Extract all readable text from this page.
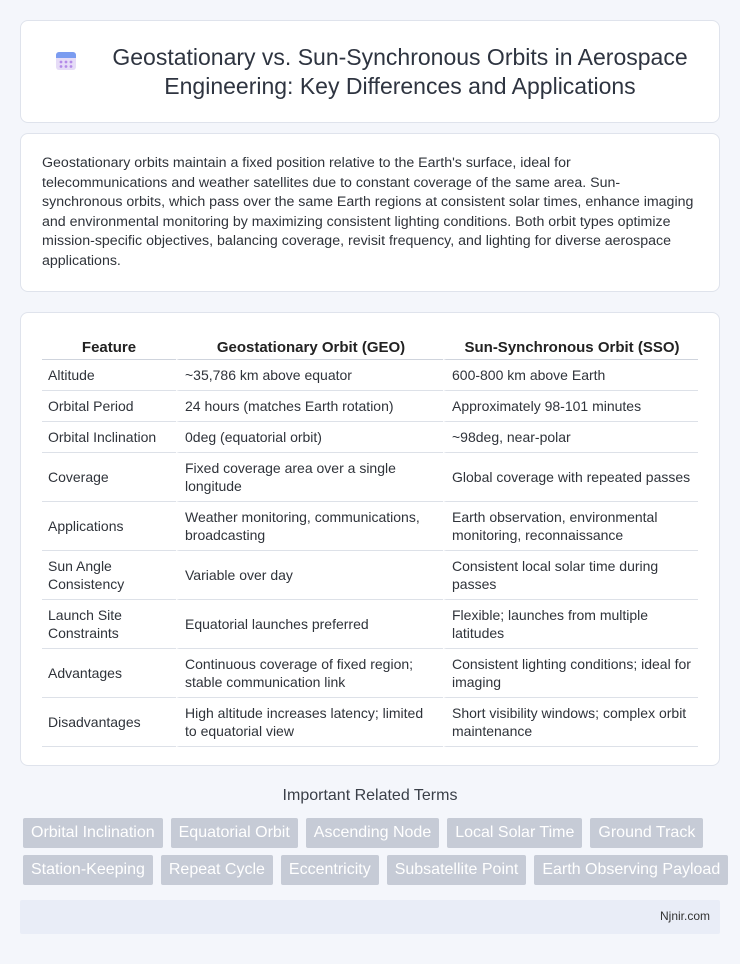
Geostationary vs. Sun-Synchronous Orbits in Aerospace Engineering: Key Differences and Applications

Geostationary orbits maintain a fixed position relative to the Earth's surface, ideal for telecommunications and weather satellites due to constant coverage of the same area. Sun-synchronous orbits, which pass over the same Earth regions at consistent solar times, enhance imaging and environmental monitoring by maximizing consistent lighting conditions. Both orbit types optimize mission-specific objectives, balancing coverage, revisit frequency, and lighting for diverse aerospace applications.

Feature	Geostationary Orbit (GEO)	Sun-Synchronous Orbit (SSO)
Altitude	~35,786 km above equator	600-800 km above Earth
Orbital Period	24 hours (matches Earth rotation)	Approximately 98-101 minutes
Orbital Inclination	0deg (equatorial orbit)	~98deg, near-polar
Coverage	Fixed coverage area over a single longitude	Global coverage with repeated passes
Applications	Weather monitoring, communications, broadcasting	Earth observation, environmental monitoring, reconnaissance
Sun Angle Consistency	Variable over day	Consistent local solar time during passes
Launch Site Constraints	Equatorial launches preferred	Flexible; launches from multiple latitudes
Advantages	Continuous coverage of fixed region; stable communication link	Consistent lighting conditions; ideal for imaging
Disadvantages	High altitude increases latency; limited to equatorial view	Short visibility windows; complex orbit maintenance
Important Related Terms
Orbital Inclination	Equatorial Orbit	Ascending Node	Local Solar Time	Ground Track
Station-Keeping	Repeat Cycle	Eccentricity	Subsatellite Point	Earth Observing Payload
Njnir.com
